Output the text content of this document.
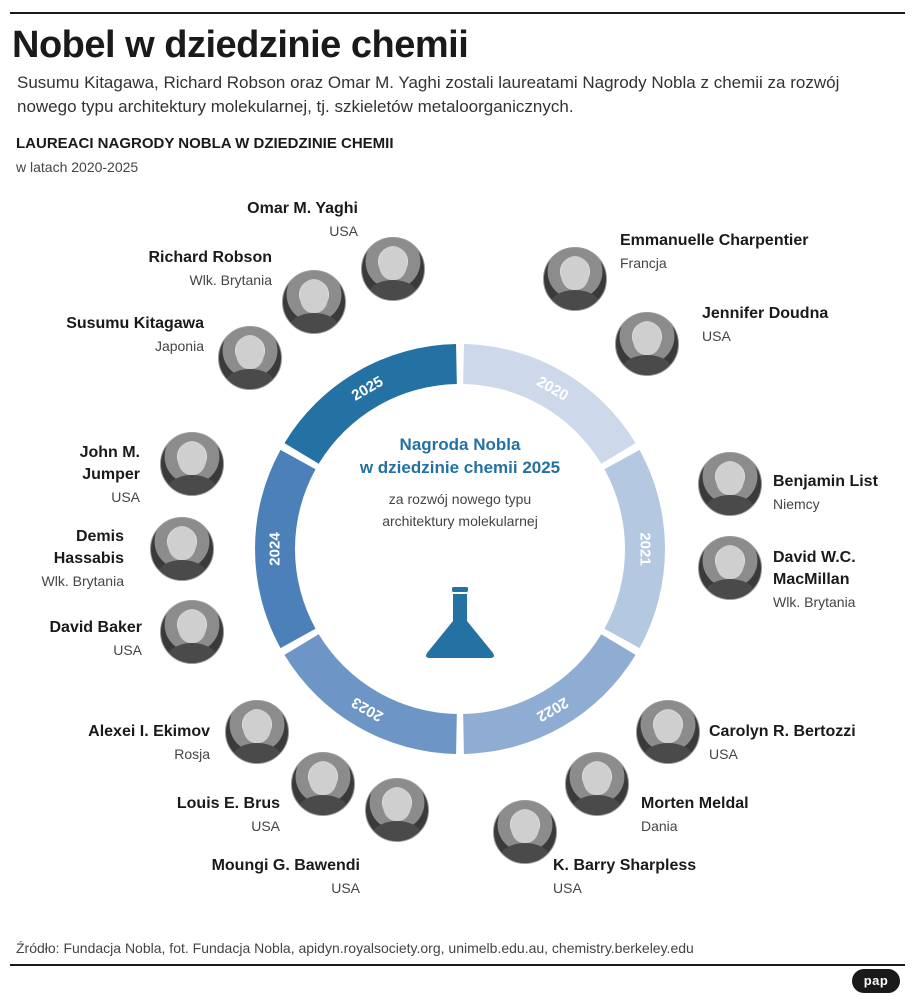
Nobel w dziedzinie chemii

Susumu Kitagawa, Richard Robson oraz Omar M. Yaghi zostali laureatami Nagrody Nobla z chemii za rozwój nowego typu architektury molekularnej, tj. szkieletów metaloorganicznych.

LAUREACI NAGRODY NOBLA W DZIEDZINIE CHEMII

w latach 2020-2025

2020
2021
2022
2023
2024
2025
Nagroda Nobla
w dziedzinie chemii 2025
za rozwój nowego typu
architektury molekularnej
Emmanuelle Charpentier
Francja
Jennifer Doudna
USA
Benjamin List
Niemcy
David W.C.
MacMillan
Wlk. Brytania
Carolyn R. Bertozzi
USA
Morten Meldal
Dania
K. Barry Sharpless
USA
Alexei I. Ekimov
Rosja
Louis E. Brus
USA
Moungi G. Bawendi
USA
John M.
Jumper
USA
Demis
Hassabis
Wlk. Brytania
David Baker
USA
Omar M. Yaghi
USA
Richard Robson
Wlk. Brytania
Susumu Kitagawa
Japonia

Źródło: Fundacja Nobla, fot. Fundacja Nobla, apidyn.royalsociety.org, unimelb.edu.au, chemistry.berkeley.edu

pap
